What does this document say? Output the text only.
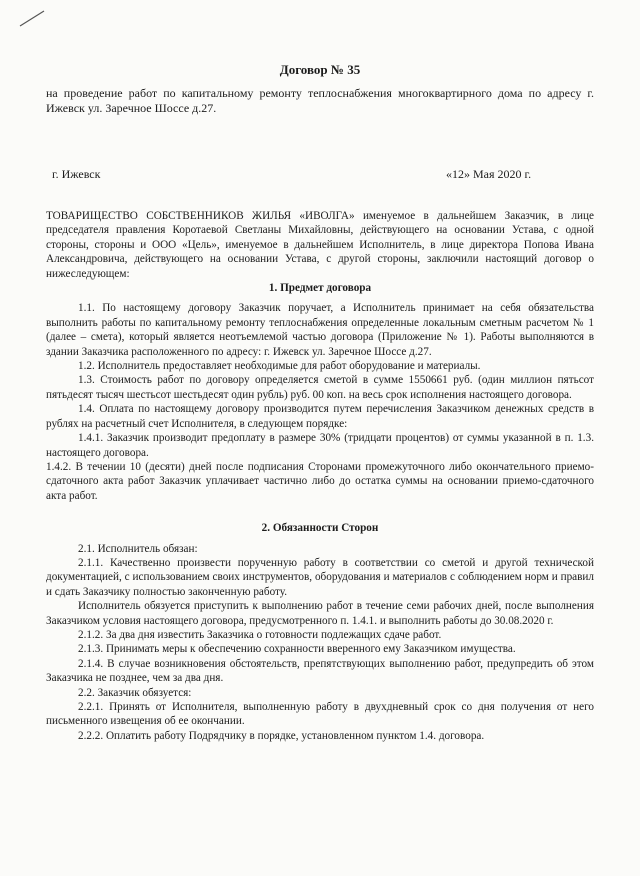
Договор № 35
на проведение работ по капитальному ремонту теплоснабжения многоквартирного дома по адресу г. Ижевск ул. Заречное Шоссе д.27.
г. Ижевск	«12» Мая 2020 г.

ТОВАРИЩЕСТВО СОБСТВЕННИКОВ ЖИЛЬЯ «ИВОЛГА» именуемое в дальнейшем Заказчик, в лице председателя правления Коротаевой Светланы Михайловны, действующего на основании Устава, с одной стороны, стороны и ООО «Цель», именуемое в дальнейшем Исполнитель, в лице директора Попова Ивана Александровича, действующего на основании Устава, с другой стороны, заключили настоящий договор о нижеследующем:

1. Предмет договора

1.1. По настоящему договору Заказчик поручает, а Исполнитель принимает на себя обязательства выполнить работы по капитальному ремонту теплоснабжения определенные локальным сметным расчетом № 1 (далее – смета), который является неотъемлемой частью договора (Приложение № 1). Работы выполняются в здании Заказчика расположенного по адресу: г. Ижевск ул. Заречное Шоссе д.27.

1.2. Исполнитель предоставляет необходимые для работ оборудование и материалы.

1.3. Стоимость работ по договору определяется сметой в сумме 1550661 руб. (один миллион пятьсот пятьдесят тысяч шестьсот шестьдесят один рубль) руб. 00 коп. на весь срок исполнения настоящего договора.

1.4. Оплата по настоящему договору производится путем перечисления Заказчиком денежных средств в рублях на расчетный счет Исполнителя, в следующем порядке:

1.4.1. Заказчик производит предоплату в размере 30% (тридцати процентов) от суммы указанной в п. 1.3. настоящего договора.

1.4.2. В течении 10 (десяти) дней после подписания Сторонами промежуточного либо окончательного приемо-сдаточного акта работ Заказчик уплачивает частично либо до остатка суммы на основании приемо-сдаточного акта работ.

2. Обязанности Сторон

2.1. Исполнитель обязан:

2.1.1. Качественно произвести порученную работу в соответствии со сметой и другой технической документацией, с использованием своих инструментов, оборудования и материалов с соблюдением норм и правил и сдать Заказчику полностью законченную работу.

Исполнитель обязуется приступить к выполнению работ в течение семи рабочих дней, после выполнения Заказчиком условия настоящего договора, предусмотренного п. 1.4.1. и выполнить работы до 30.08.2020 г.

2.1.2. За два дня известить Заказчика о готовности подлежащих сдаче работ.

2.1.3. Принимать меры к обеспечению сохранности вверенного ему Заказчиком имущества.

2.1.4. В случае возникновения обстоятельств, препятствующих выполнению работ, предупредить об этом Заказчика не позднее, чем за два дня.

2.2. Заказчик обязуется:

2.2.1. Принять от Исполнителя, выполненную работу в двухдневный срок со дня получения от него письменного извещения об ее окончании.

2.2.2. Оплатить работу Подрядчику в порядке, установленном пунктом 1.4. договора.
